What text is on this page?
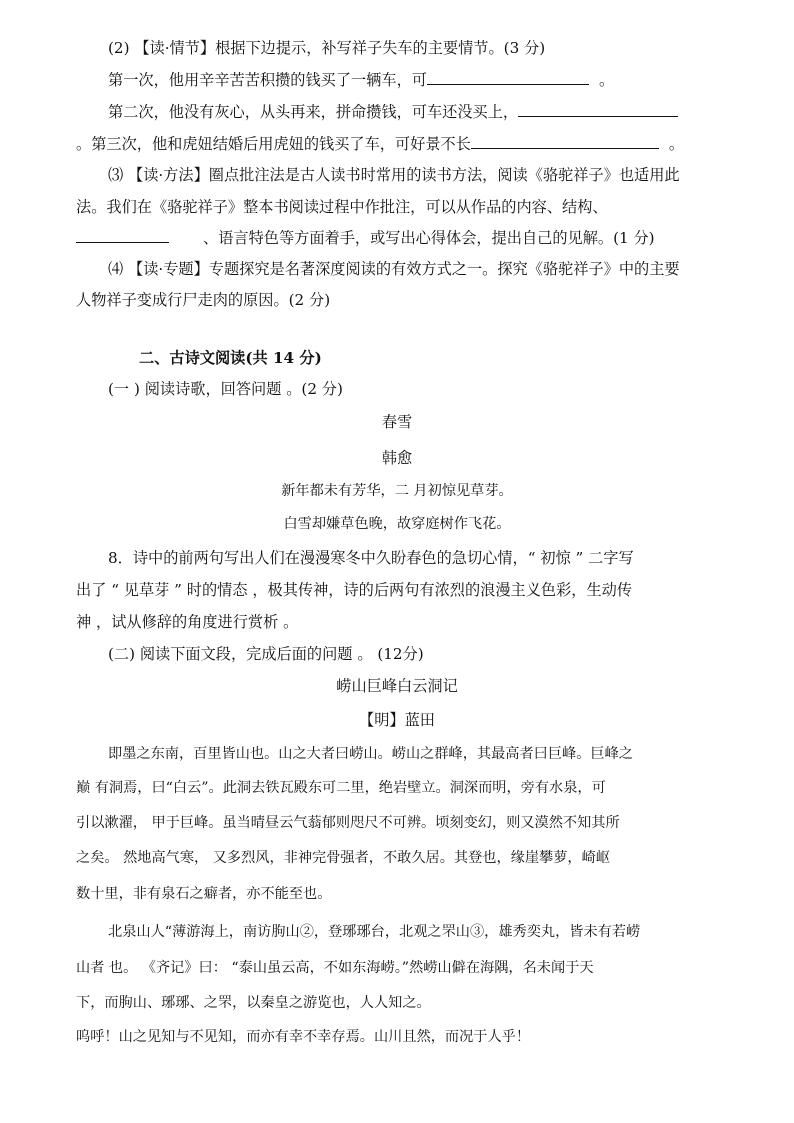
(2) 【读·情节】根据下边提示，补写祥子失车的主要情节。(3 分)
第一次，他用辛辛苦苦积攒的钱买了一辆车，可	。
第二次，他没有灰心，从头再来，拼命攒钱，可车还没买上，
。第三次，他和虎妞结婚后用虎妞的钱买了车，可好景不长	。
⑶ 【读·方法】圈点批注法是古人读书时常用的读书方法，阅读《骆驼祥子》也适用此
法。我们在《骆驼祥子》整本书阅读过程中作批注，可以从作品的内容、结构、
、语言特色等方面着手，或写出心得体会，提出自己的见解。(1 分)
⑷ 【读·专题】专题探究是名著深度阅读的有效方式之一。探究《骆驼祥子》中的主要
人物祥子变成行尸走肉的原因。(2 分)
二、古诗文阅读(共 14 分)
(一 ) 阅读诗歌，回答问题 。(2 分)
春雪
韩愈
新年都未有芳华，二 月初惊见草芽。
白雪却嫌草色晚，故穿庭树作飞花。
8．诗中的前两句写出人们在漫漫寒冬中久盼春色的急切心情，“ 初惊 ” 二字写
出了 “ 见草芽 ” 时的情态 ，极其传神，诗的后两句有浓烈的浪漫主义色彩，生动传
神 ，试从修辞的角度进行赏析 。
(二) 阅读下面文段，完成后面的问题 。 (12分)
崂山巨峰白云洞记
【明】蓝田
即墨之东南，百里皆山也。山之大者曰崂山。崂山之群峰，其最高者曰巨峰。巨峰之
巅 有洞焉，曰“白云”。此洞去铁瓦殿东可二里，绝岩壁立。洞深而明，旁有水泉，可
引以漱濯， 甲于巨峰。虽当晴昼云气蓊郁则咫尺不可辨。顷刻变幻，则又漠然不知其所
之矣。 然地高气寒， 又多烈风，非神完骨强者，不敢久居。其登也，缘崖攀萝，崎岖
数十里，非有泉石之癖者，亦不能至也。
北泉山人“薄游海上，南访朐山②，登琊琊台，北观之罘山③，雄秀奕丸，皆未有若崂
山者 也。 《齐记》曰： “泰山虽云高，不如东海崂。”然崂山僻在海隅，名未闻于天
下，而朐山、琊琊、之罘，以秦皇之游览也，人人知之。
呜呼！山之见知与不见知，而亦有幸不幸存焉。山川且然，而况于人乎！
